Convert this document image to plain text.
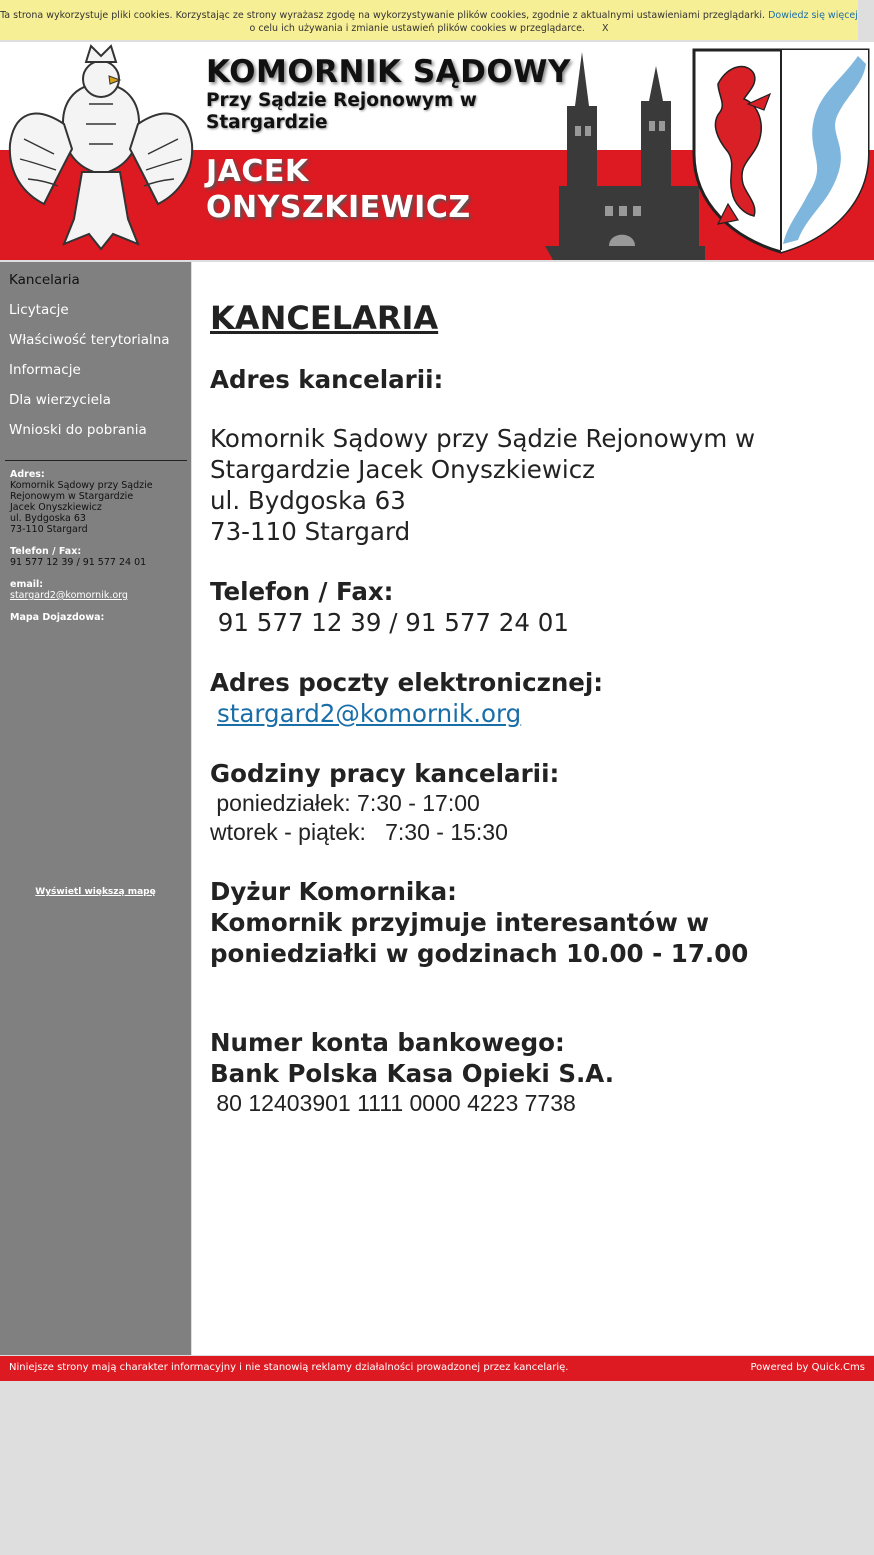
Ta strona wykorzystuje pliki cookies. Korzystając ze strony wyrażasz zgodę na wykorzystywanie plików cookies, zgodnie z aktualnymi ustawieniami przeglądarki. Dowiedz się więcej o celu ich używania i zmianie ustawień plików cookies w przeglądarce. X
KOMORNIK SĄDOWY
Przy Sądzie Rejonowym w Stargardzie
JACEK ONYSZKIEWICZ
Kancelaria
Licytacje
Właściwość terytorialna
Informacje
Dla wierzyciela
Wnioski do pobrania
Adres:
Komornik Sądowy przy Sądzie
Rejonowym w Stargardzie
Jacek Onyszkiewicz
ul. Bydgoska 63
73-110 Stargard
Telefon / Fax:
91 577 12 39 / 91 577 24 01
email:
stargard2@komornik.org
Mapa Dojazdowa:
Wyświetl większą mapę
KANCELARIA
Adres kancelarii:

Komornik Sądowy przy Sądzie Rejonowym w Stargardzie Jacek Onyszkiewicz

ul. Bydgoska 63

73-110 Stargard

Telefon / Fax:

91 577 12 39 / 91 577 24 01

Adres poczty elektronicznej:

stargard2@komornik.org

Godziny pracy kancelarii:

poniedziałek: 7:30 - 17:00

wtorek - piątek:   7:30 - 15:30

Dyżur Komornika:
Komornik przyjmuje interesantów w poniedziałki w godzinach 10.00 - 17.00
Numer konta bankowego:
Bank Polska Kasa Opieki S.A.

80 12403901 1111 0000 4223 7738

Niniejsze strony mają charakter informacyjny i nie stanowią reklamy działalności prowadzonej przez kancelarię.	Powered by Quick.Cms
